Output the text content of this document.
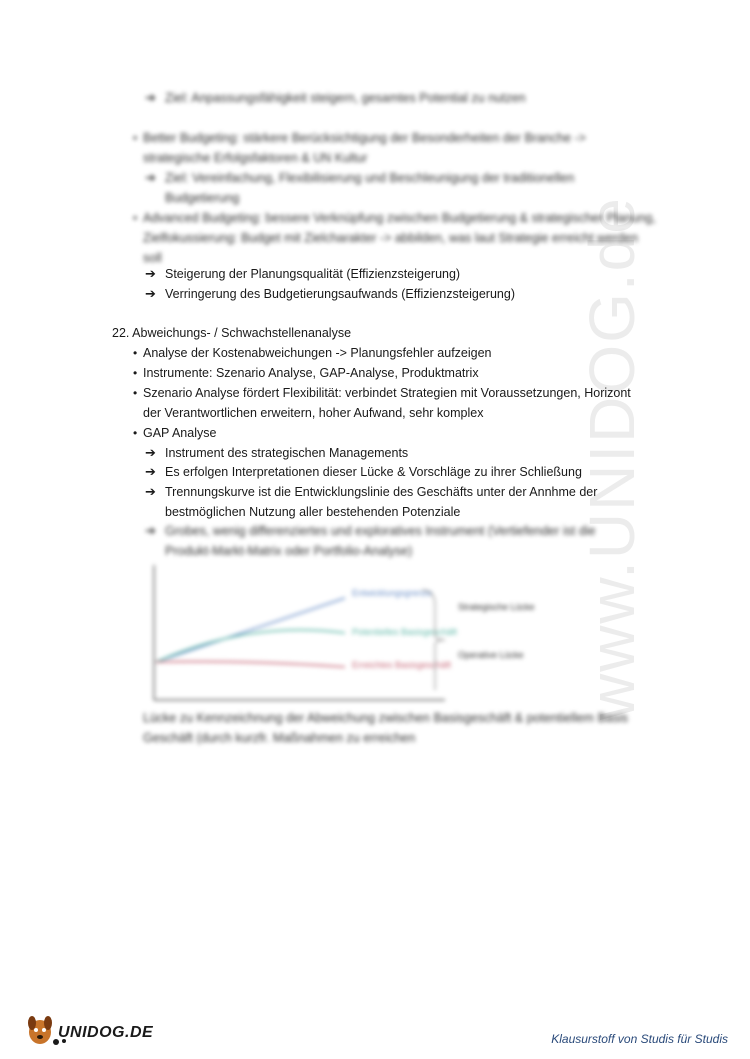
www.UNIDOG.de
➔ Ziel: Anpassungsfähigkeit steigern, gesamtes Potential zu nutzen
• Better Budgeting: stärkere Berücksichtigung der Besonderheiten der Branche ->
strategische Erfolgsfaktoren & UN Kultur
➔ Ziel: Vereinfachung, Flexibilisierung und Beschleunigung der traditionellen
Budgetierung
• Advanced Budgeting: bessere Verknüpfung zwischen Budgetierung & strategischer Planung,
Zielfokussierung: Budget mit Zielcharakter -> abbilden, was laut Strategie erreicht werden
soll
➔ Steigerung der Planungsqualität (Effizienzsteigerung)
➔ Verringerung des Budgetierungsaufwands (Effizienzsteigerung)
22. Abweichungs- / Schwachstellenanalyse
• Analyse der Kostenabweichungen -> Planungsfehler aufzeigen
• Instrumente: Szenario Analyse, GAP-Analyse, Produktmatrix
• Szenario Analyse fördert Flexibilität: verbindet Strategien mit Voraussetzungen, Horizont
der Verantwortlichen erweitern, hoher Aufwand, sehr komplex
• GAP Analyse
➔ Instrument des strategischen Managements
➔ Es erfolgen Interpretationen dieser Lücke & Vorschläge zu ihrer Schließung
➔ Trennungskurve ist die Entwicklungslinie des Geschäfts unter der Annhme der
bestmöglichen Nutzung aller bestehenden Potenziale
➔ Grobes, wenig differenziertes und exploratives Instrument (Vertiefender ist die
Produkt-Markt-Matrix oder Portfolio-Analyse)
Entwicklungsgrenze
Potentielles Basisgeschäft
Erreichtes Basisgeschäft
Strategische Lücke
Operative Lücke
Lücke zu Kennzeichnung der Abweichung zwischen Basisgeschäft & potentiellem Basis
Geschäft (durch kurzfr. Maßnahmen zu erreichen
UNIDOG.DE	Klausurstoff von Studis für Studis
